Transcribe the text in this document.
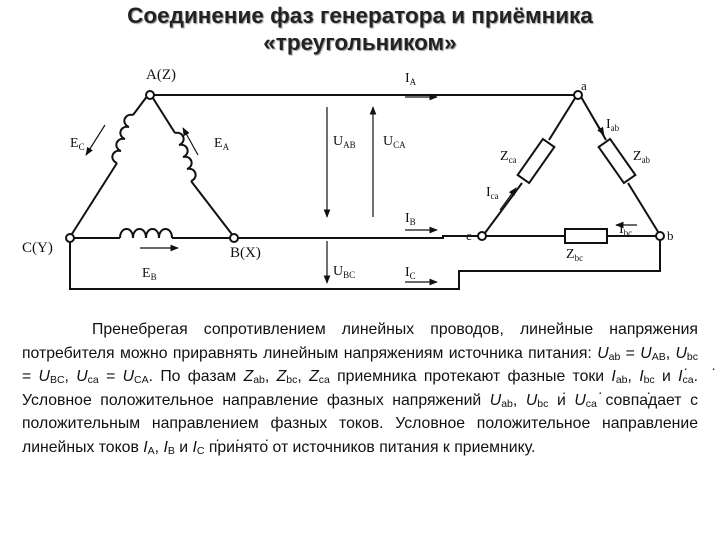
Соединение фаз генератора и приёмника
«треугольником»
A(Z)
B(X)
C(Y)
a
b
c
$E_C$	$E_A$
$E_B$
$U_{AB}$ $U_{CA}$
$U_{BC}$
$I_A$
$I_B$
$I_C$
$I_{ab}$
$I_{ca}$
$I_{bc}$
$Z_{ca}$	$Z_{ab}$
$Z_{bc}$

Пренебрегая сопротивлением линейных проводов, линейные напряжения потребителя можно приравнять линейным напряжениям источника питания: $U_{ab} = U_{AB}$, $U_{bc} = U_{BC}$, $U_{ca} = U_{CA}$. По фазам $Z_{ab}$, $Z_{bc}$, $Z_{ca}$ приемника протекают фазные токи · $I_{ab}$, · $I_{bc}$ $и \cdot I_{ca}$. Условное положительное направление фазных напряжений · $U_{ab}$, · $U_{bc}$ $и \cdot U_{ca}$ совпадает с положительным направлением фазных токов. Условное положительное направление линейных токов · $I_A$, · $I_B$ $и \cdot I_C$ принято от источников питания к приемнику.
